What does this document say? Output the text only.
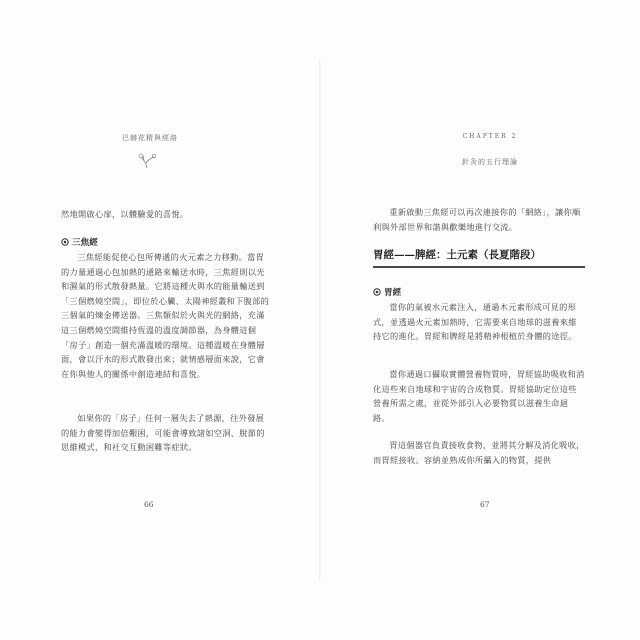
巴赫花精與經絡

然地開啟心扉，以體驗愛的喜悅。

三焦經

三焦經能促使心包所傳遞的火元素之力移動。當胃的力量通過心包加熱的通路來輸送水時，三焦經則以光和濕氣的形式散發熱量。它將這種火與水的能量輸送到「三個燃燒空間」，即位於心臟、太陽神經叢和下腹部的三個氣的煉金傳送器。三焦類似於火與光的網絡，充滿這三個燃燒空間維持恆溫的溫度調節器，為身體這個「房子」創造一個充滿溫暖的環境。這種溫暖在身體層面，會以汗水的形式散發出來；就情感層面來說，它會在你與他人的關係中創造連結和喜悅。

如果你的「房子」任何一層失去了熱源，往外發展的能力會變得加倍艱困，可能會導致諸如空洞、脫節的思維模式，和社交互動困難等症狀。

66
CHAPTER 2
針灸的五行理論

重新啟動三焦經可以再次連接你的「網絡」，讓你順利與外部世界和諧與歡樂地進行交流。

胃經——脾經：土元素（長夏階段）
胃經

當你的氣被水元素注入，通過木元素形成可見的形式，並透過火元素加熱時，它需要來自地球的滋養來維持它的進化。胃經和脾經是將精神根植於身體的途徑。

當你通過口攝取實體營養物質時，胃經協助吸收和消化這些來自地球和宇宙的合成物質。胃經協助定位這些營養所需之處，並從外部引入必要物質以滋養生命迴路。

胃這個器官負責接收食物，並將其分解及消化吸收，而胃經接收、容納並熟成你所攝入的物質，提供

67
